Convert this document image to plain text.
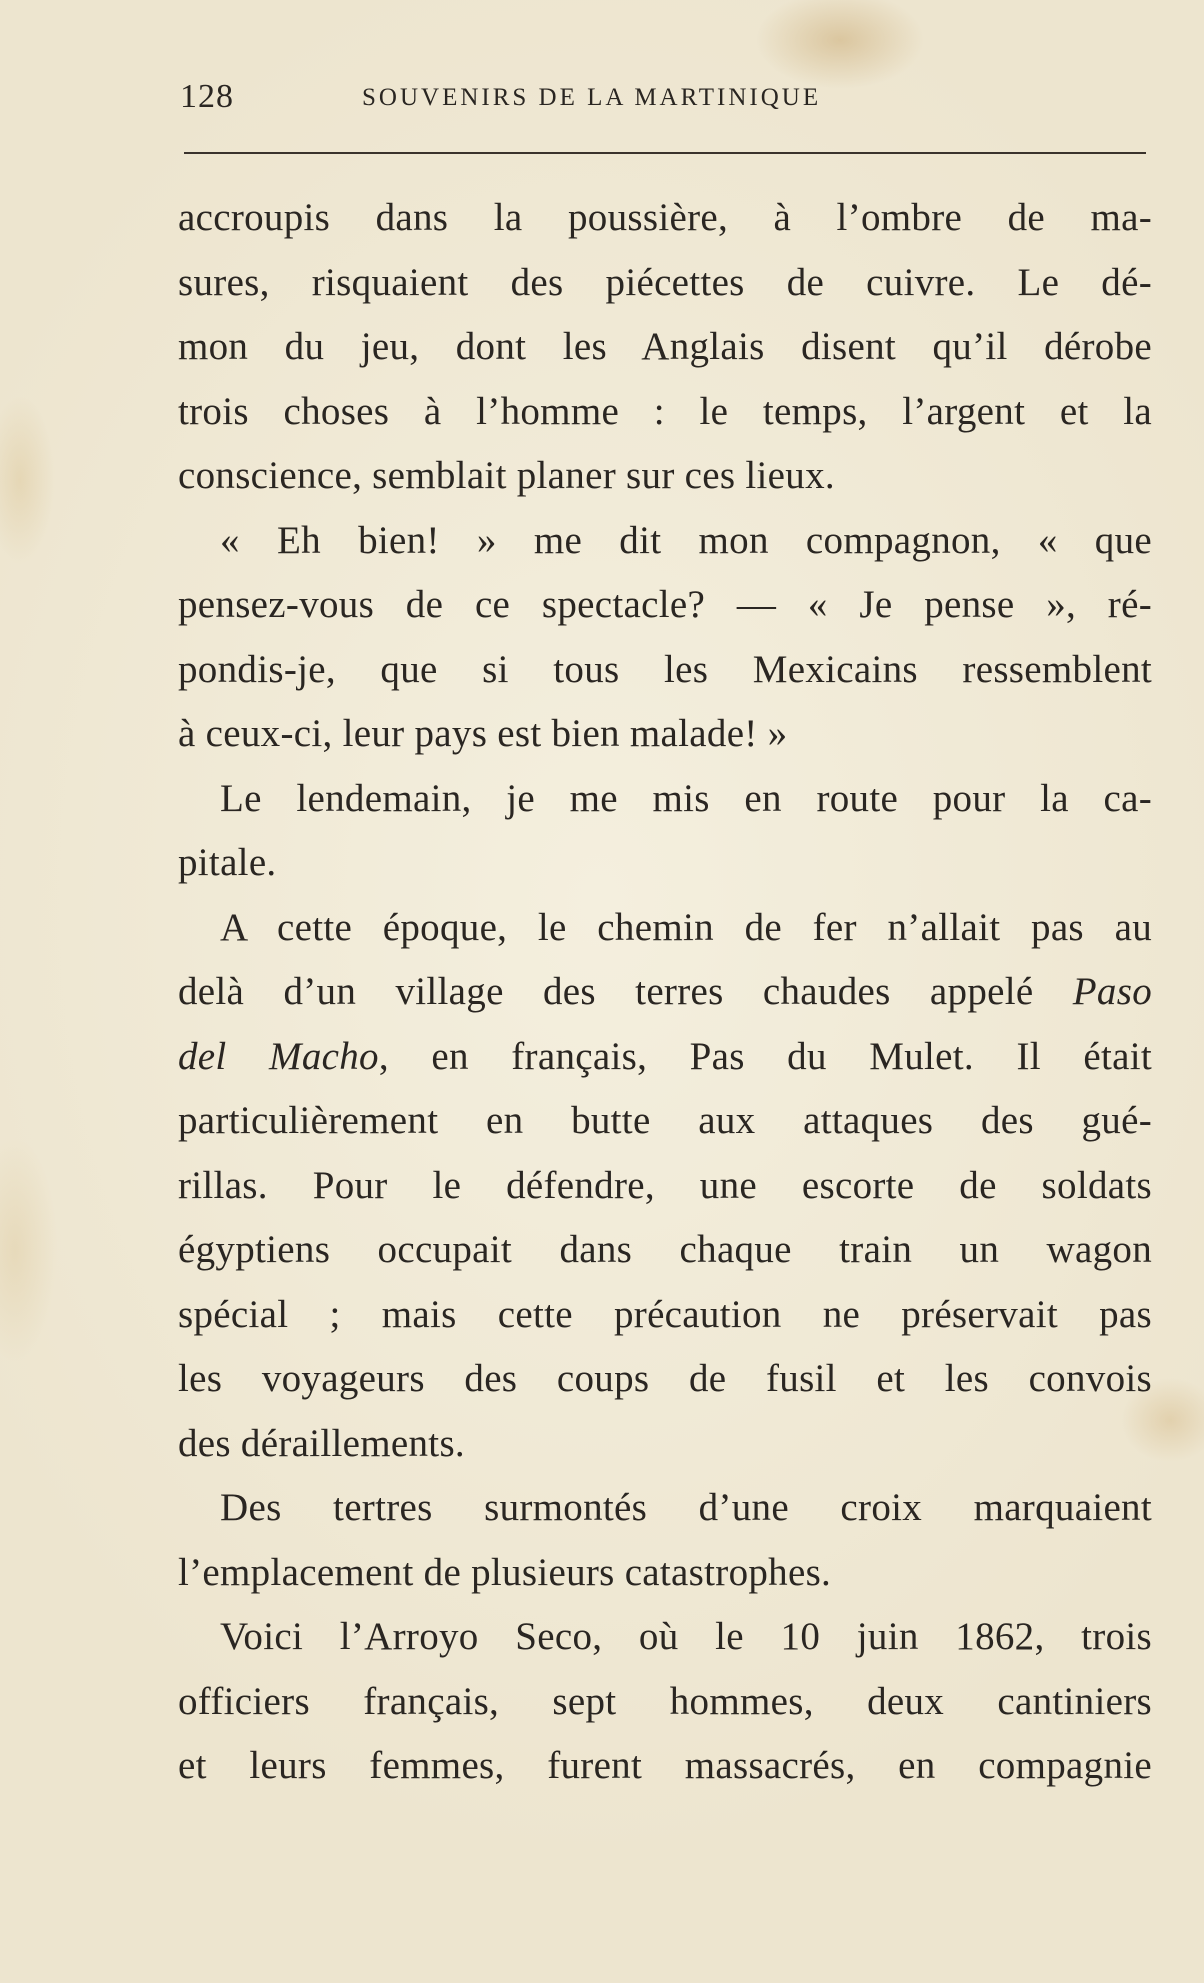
128	SOUVENIRS DE LA MARTINIQUE
accroupis dans la poussière, à l’ombre de ma-
sures, risquaient des piécettes de cuivre. Le dé-
mon du jeu, dont les Anglais disent qu’il dérobe
trois choses à l’homme : le temps, l’argent et la
conscience, semblait planer sur ces lieux.
« Eh bien! » me dit mon compagnon, « que
pensez-vous de ce spectacle? — « Je pense », ré-
pondis-je, que si tous les Mexicains ressemblent
à ceux-ci, leur pays est bien malade! »
Le lendemain, je me mis en route pour la ca-
pitale.
A cette époque, le chemin de fer n’allait pas au
delà d’un village des terres chaudes appelé Paso
del Macho, en français, Pas du Mulet. Il était
particulièrement en butte aux attaques des gué-
rillas. Pour le défendre, une escorte de soldats
égyptiens occupait dans chaque train un wagon
spécial ; mais cette précaution ne préservait pas
les voyageurs des coups de fusil et les convois
des déraillements.
Des tertres surmontés d’une croix marquaient
l’emplacement de plusieurs catastrophes.
Voici l’Arroyo Seco, où le 10 juin 1862, trois
officiers français, sept hommes, deux cantiniers
et leurs femmes, furent massacrés, en compagnie
